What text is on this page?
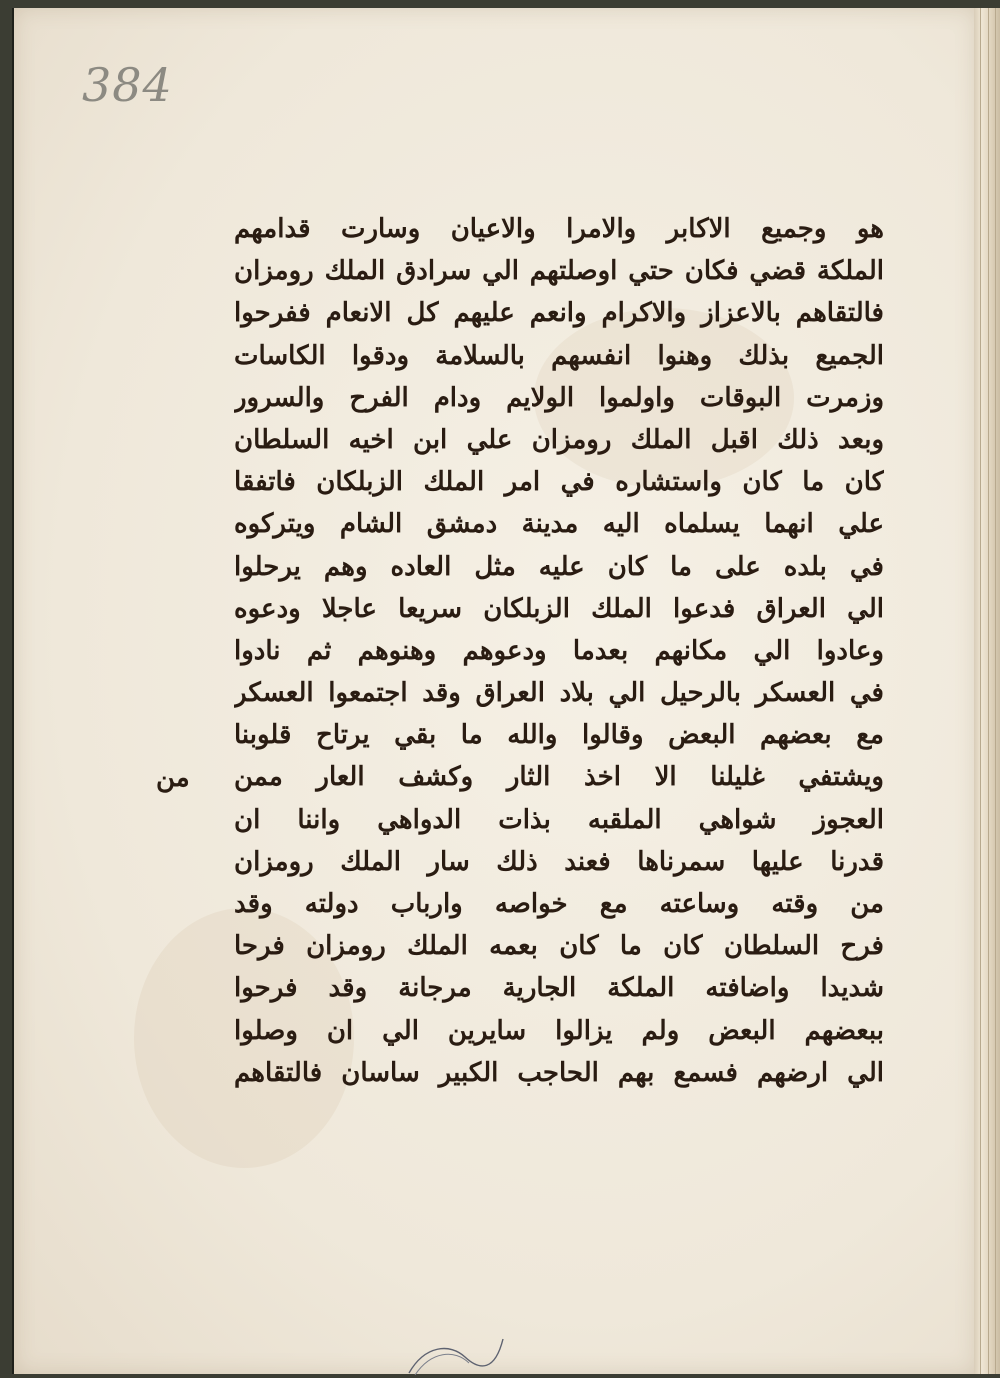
384
هو وجميع الاكابر والامرا والاعيان وسارت قدامهم
الملكة قضي فكان حتي اوصلتهم الي سرادق الملك رومزان
فالتقاهم بالاعزاز والاكرام وانعم عليهم كل الانعام ففرحوا
الجميع بذلك وهنوا انفسهم بالسلامة ودقوا الكاسات
وزمرت البوقات واولموا الولايم ودام الفرح والسرور
وبعد ذلك اقبل الملك رومزان علي ابن اخيه السلطان
كان ما كان واستشاره في امر الملك الزبلكان فاتفقا
علي انهما يسلماه اليه مدينة دمشق الشام ويتركوه
في بلده على ما كان عليه مثل العاده وهم يرحلوا
الي العراق فدعوا الملك الزبلكان سريعا عاجلا ودعوه
وعادوا الي مكانهم بعدما ودعوهم وهنوهم ثم نادوا
في العسكر بالرحيل الي بلاد العراق وقد اجتمعوا العسكر
مع بعضهم البعض وقالوا والله ما بقي يرتاح قلوبنا
ويشتفي غليلنا الا اخذ الثار وكشف العار ممن
العجوز شواهي الملقبه بذات الدواهي واننا ان
قدرنا عليها سمرناها فعند ذلك سار الملك رومزان
من وقته وساعته مع خواصه وارباب دولته وقد
فرح السلطان كان ما كان بعمه الملك رومزان فرحا
شديدا واضافته الملكة الجارية مرجانة وقد فرحوا
ببعضهم البعض ولم يزالوا سايرين الي ان وصلوا
الي ارضهم فسمع بهم الحاجب الكبير ساسان فالتقاهم
من
